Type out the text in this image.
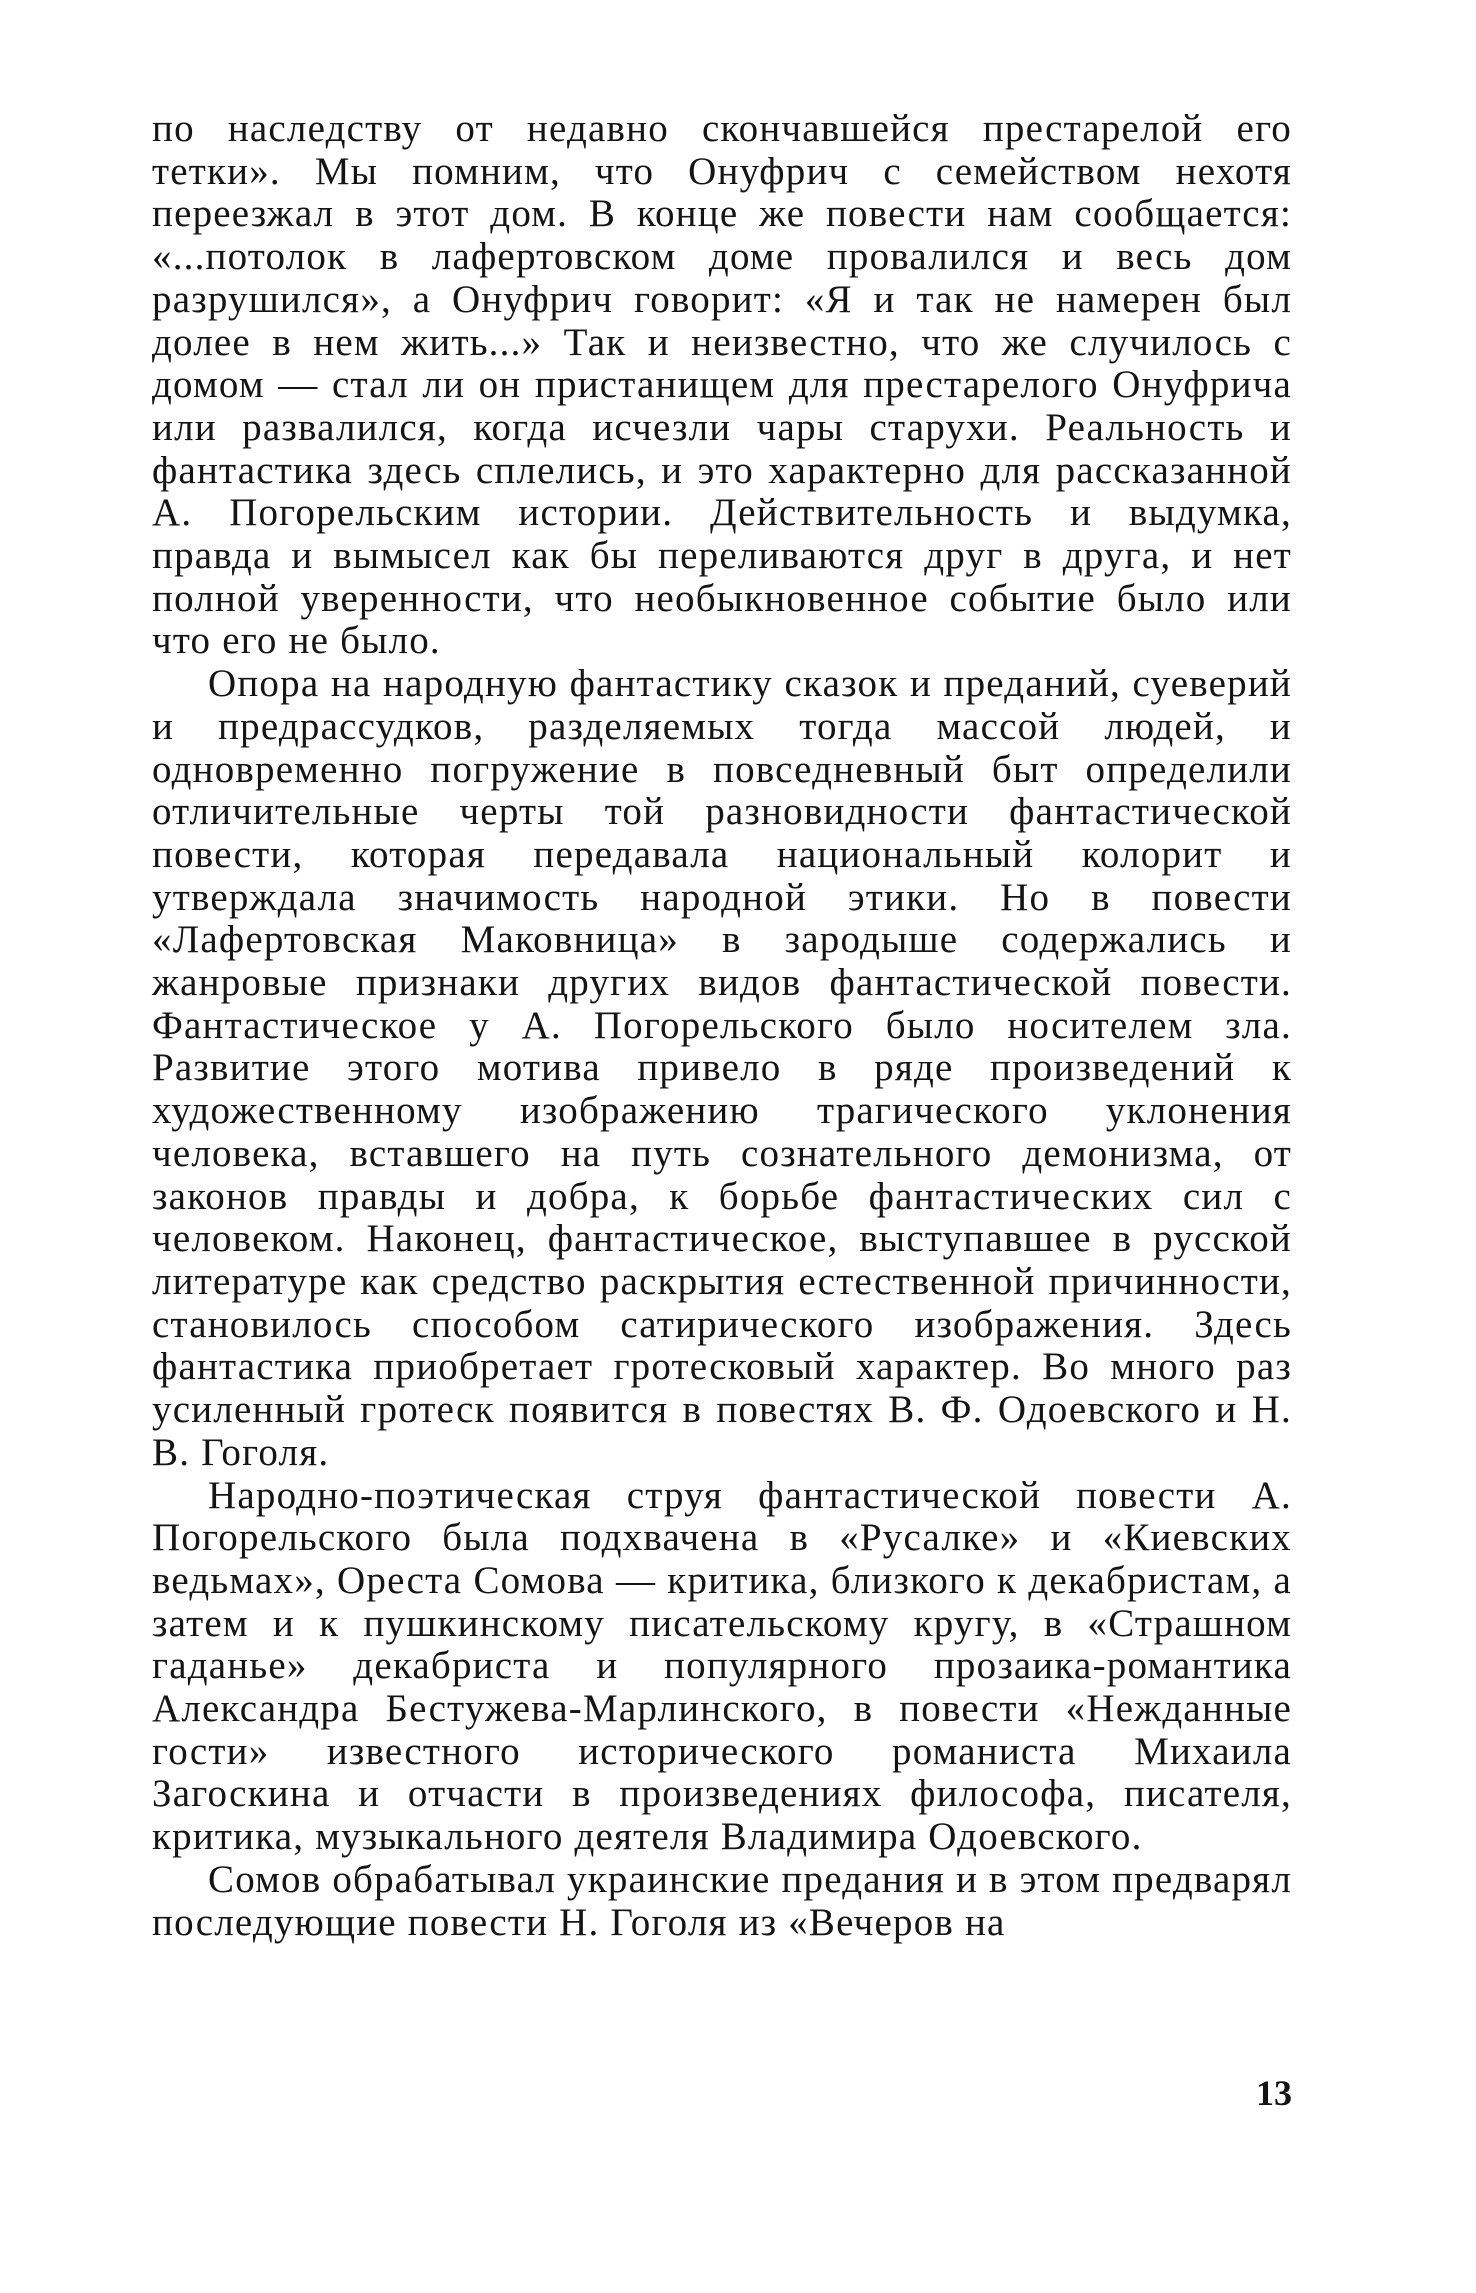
по наследству от недавно скончавшейся престарелой его тетки». Мы помним, что Онуфрич с семейством нехотя переезжал в этот дом. В конце же повести нам сообщается: «...потолок в лафертовском доме провалился и весь дом разрушился», а Онуфрич говорит: «Я и так не намерен был долее в нем жить...» Так и неизвестно, что же случилось с домом — стал ли он пристанищем для престарелого Онуфрича или развалился, когда исчезли чары старухи. Реальность и фантастика здесь сплелись, и это характерно для рассказанной А. Погорельским истории. Действительность и выдумка, правда и вымысел как бы переливаются друг в друга, и нет полной уверенности, что необыкновенное событие было или что его не было.

Опора на народную фантастику сказок и преданий, суеверий и предрассудков, разделяемых тогда массой людей, и одновременно погружение в повседневный быт определили отличительные черты той разновидности фантастической повести, которая передавала национальный колорит и утверждала значимость народной этики. Но в повести «Лафертовская Маковница» в зародыше содержались и жанровые признаки других видов фантастической повести. Фантастическое у А. Погорельского было носителем зла. Развитие этого мотива привело в ряде произведений к художественному изображению трагического уклонения человека, вставшего на путь сознательного демонизма, от законов правды и добра, к борьбе фантастических сил с человеком. Наконец, фантастическое, выступавшее в русской литературе как средство раскрытия естественной причинности, становилось способом сатирического изображения. Здесь фантастика приобретает гротесковый характер. Во много раз усиленный гротеск появится в повестях В. Ф. Одоевского и Н. В. Гоголя.

Народно-поэтическая струя фантастической повести А. Погорельского была подхвачена в «Русалке» и «Киевских ведьмах», Ореста Сомова — критика, близкого к декабристам, а затем и к пушкинскому писательскому кругу, в «Страшном гаданье» декабриста и популярного прозаика-романтика Александра Бестужева-Марлинского, в повести «Нежданные гости» известного исторического романиста Михаила Загоскина и отчасти в произведениях философа, писателя, критика, музыкального деятеля Владимира Одоевского.

Сомов обрабатывал украинские предания и в этом предварял последующие повести Н. Гоголя из «Вечеров на

13
